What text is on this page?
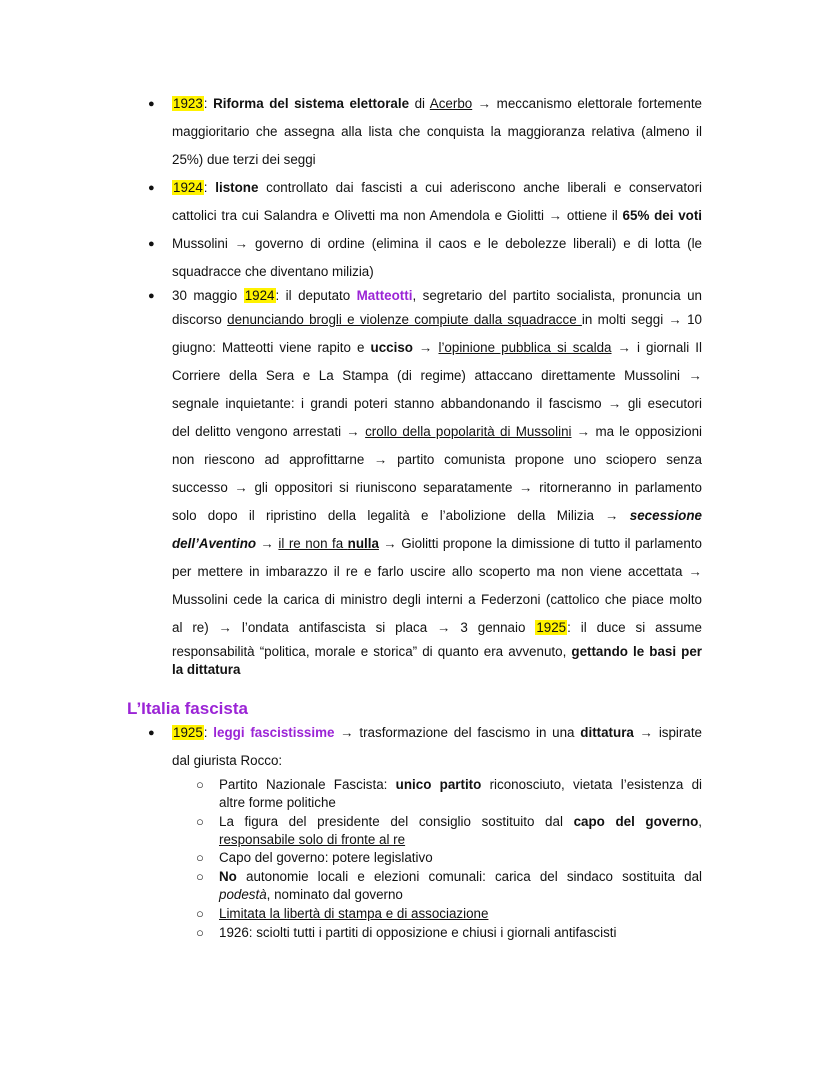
● 1923: Riforma del sistema elettorale di Acerbo → meccanismo elettorale fortemente
maggioritario che assegna alla lista che conquista la maggioranza relativa (almeno il
25%) due terzi dei seggi
● 1924: listone controllato dai fascisti a cui aderiscono anche liberali e conservatori
cattolici tra cui Salandra e Olivetti ma non Amendola e Giolitti → ottiene il 65% dei voti
● Mussolini → governo di ordine (elimina il caos e le debolezze liberali) e di lotta (le
squadracce che diventano milizia)
● 30 maggio 1924: il deputato Matteotti, segretario del partito socialista, pronuncia un
discorso denunciando brogli e violenze compiute dalla squadracce in molti seggi → 10
giugno: Matteotti viene rapito e ucciso → l’opinione pubblica si scalda → i giornali Il
Corriere della Sera e La Stampa (di regime) attaccano direttamente Mussolini →
segnale inquietante: i grandi poteri stanno abbandonando il fascismo → gli esecutori
del delitto vengono arrestati → crollo della popolarità di Mussolini → ma le opposizioni
non riescono ad approfittarne → partito comunista propone uno sciopero senza
successo → gli oppositori si riuniscono separatamente → ritorneranno in parlamento
solo dopo il ripristino della legalità e l’abolizione della Milizia → secessione
dell’Aventino → il re non fa nulla → Giolitti propone la dimissione di tutto il parlamento
per mettere in imbarazzo il re e farlo uscire allo scoperto ma non viene accettata →
Mussolini cede la carica di ministro degli interni a Federzoni (cattolico che piace molto
al re) → l’ondata antifascista si placa → 3 gennaio 1925: il duce si assume
responsabilità “politica, morale e storica” di quanto era avvenuto, gettando le basi per
la dittatura
L’Italia fascista
● 1925: leggi fascistissime → trasformazione del fascismo in una dittatura → ispirate
dal giurista Rocco:
○ Partito Nazionale Fascista: unico partito riconosciuto, vietata l’esistenza di
altre forme politiche
○ La figura del presidente del consiglio sostituito dal capo del governo,
responsabile solo di fronte al re
○ Capo del governo: potere legislativo
○ No autonomie locali e elezioni comunali: carica del sindaco sostituita dal
podestà, nominato dal governo
○ Limitata la libertà di stampa e di associazione
○ 1926: sciolti tutti i partiti di opposizione e chiusi i giornali antifascisti
